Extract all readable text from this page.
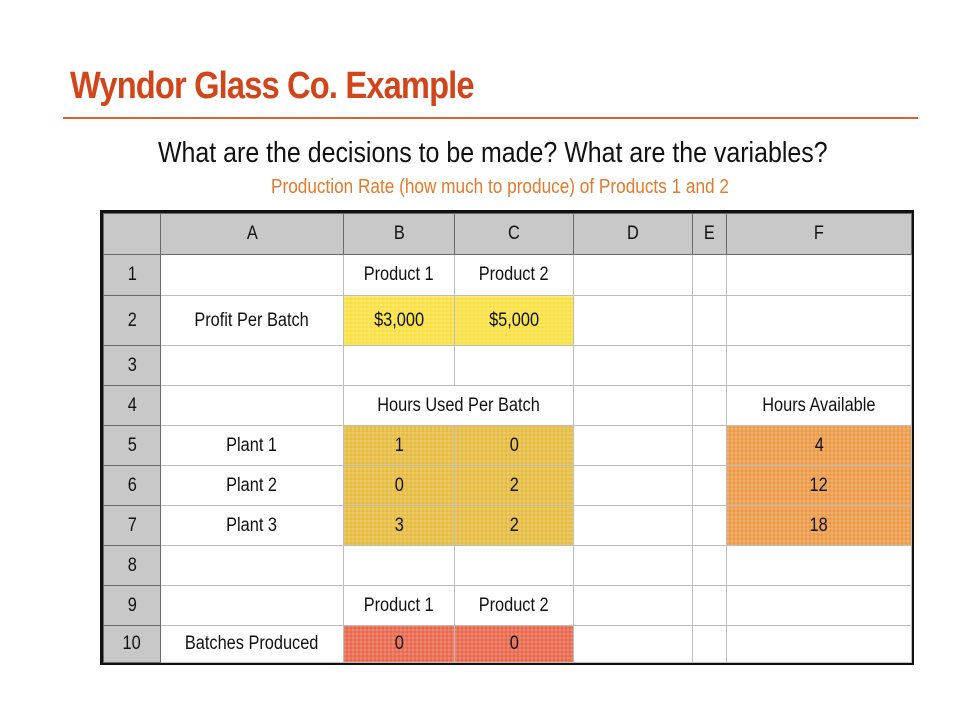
Wyndor Glass Co. Example
What are the decisions to be made? What are the variables?
Production Rate (how much to produce) of Products 1 and 2
	A	B	C	D	E	F
1		Product 1	Product 2			
2	Profit Per Batch	$3,000	$5,000			
3						
4		Hours Used Per Batch				Hours Available
5	Plant 1	1	0			4
6	Plant 2	0	2			12
7	Plant 3	3	2			18
8						
9		Product 1	Product 2			
10	Batches Produced	0	0			
